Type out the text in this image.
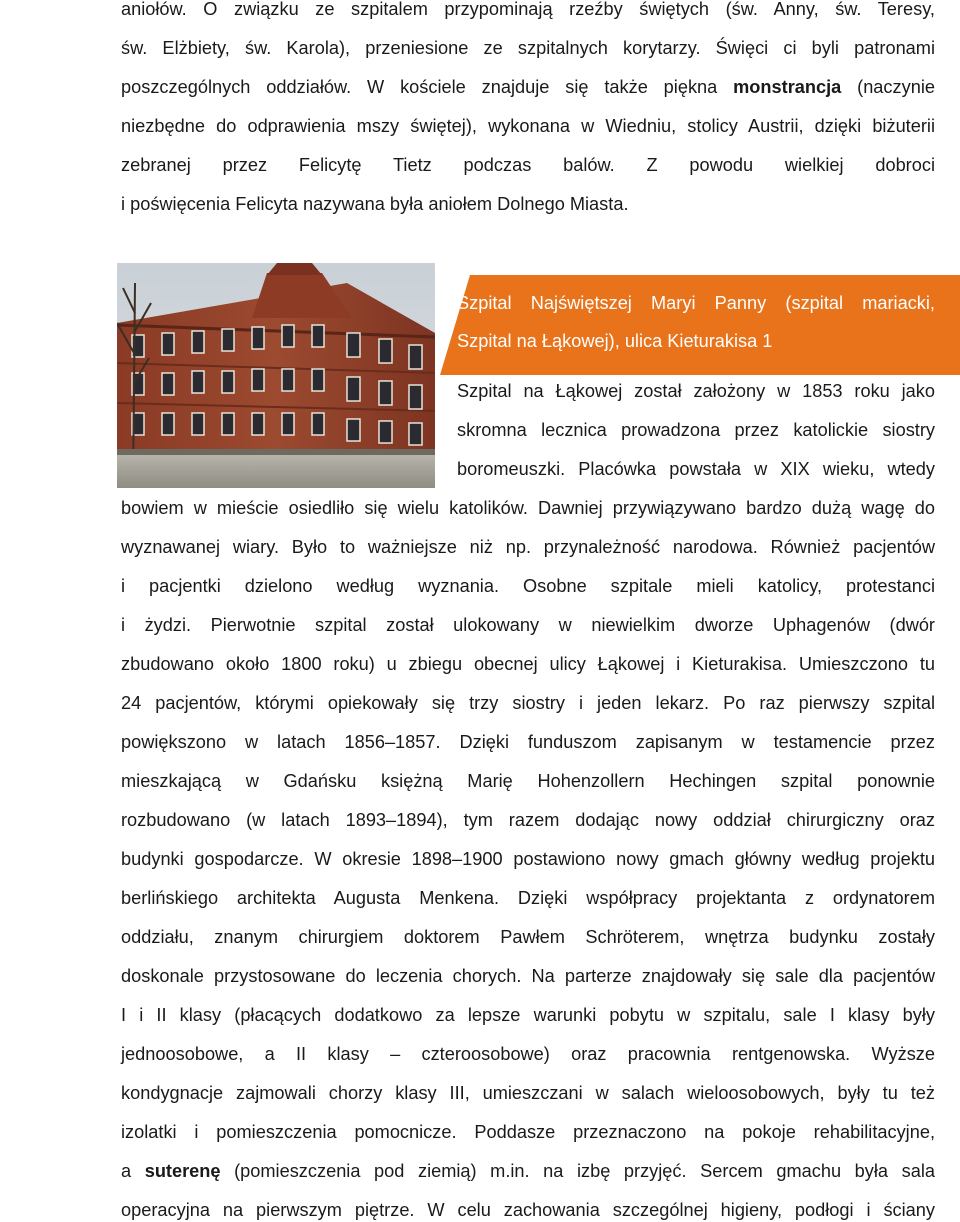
aniołów. O związku ze szpitalem przypominają rzeźby świętych (św. Anny, św. Teresy,
św. Elżbiety, św. Karola), przeniesione ze szpitalnych korytarzy. Święci ci byli patronami
poszczególnych oddziałów. W kościele znajduje się także piękna monstrancja (naczynie
niezbędne do odprawienia mszy świętej), wykonana w Wiedniu, stolicy Austrii, dzięki biżuterii
zebranej przez Felicytę Tietz podczas balów. Z powodu wielkiej dobroci
i poświęcenia Felicyta nazywana była aniołem Dolnego Miasta.
Szpital Najświętszej Maryi Panny (szpital mariacki,
Szpital na Łąkowej), ulica Kieturakisa 1
Szpital na Łąkowej został założony w 1853 roku jako
skromna lecznica prowadzona przez katolickie siostry
boromeuszki. Placówka powstała w XIX wieku, wtedy
bowiem w mieście osiedliło się wielu katolików. Dawniej przywiązywano bardzo dużą wagę do
wyznawanej wiary. Było to ważniejsze niż np. przynależność narodowa. Również pacjentów
i pacjentki dzielono według wyznania. Osobne szpitale mieli katolicy, protestanci
i żydzi. Pierwotnie szpital został ulokowany w niewielkim dworze Uphagenów (dwór
zbudowano około 1800 roku) u zbiegu obecnej ulicy Łąkowej i Kieturakisa. Umieszczono tu
24 pacjentów, którymi opiekowały się trzy siostry i jeden lekarz. Po raz pierwszy szpital
powiększono w latach 1856–1857. Dzięki funduszom zapisanym w testamencie przez
mieszkającą w Gdańsku księżną Marię Hohenzollern Hechingen szpital ponownie
rozbudowano (w latach 1893–1894), tym razem dodając nowy oddział chirurgiczny oraz
budynki gospodarcze. W okresie 1898–1900 postawiono nowy gmach główny według projektu
berlińskiego architekta Augusta Menkena. Dzięki współpracy projektanta z ordynatorem
oddziału, znanym chirurgiem doktorem Pawłem Schröterem, wnętrza budynku zostały
doskonale przystosowane do leczenia chorych. Na parterze znajdowały się sale dla pacjentów
I i II klasy (płacących dodatkowo za lepsze warunki pobytu w szpitalu, sale I klasy były
jednoosobowe, a II klasy – czteroosobowe) oraz pracownia rentgenowska. Wyższe
kondygnacje zajmowali chorzy klasy III, umieszczani w salach wieloosobowych, były tu też
izolatki i pomieszczenia pomocnicze. Poddasze przeznaczono na pokoje rehabilitacyjne,
a suterenę (pomieszczenia pod ziemią) m.in. na izbę przyjęć. Sercem gmachu była sala
operacyjna na pierwszym piętrze. W celu zachowania szczególnej higieny, podłogi i ściany
